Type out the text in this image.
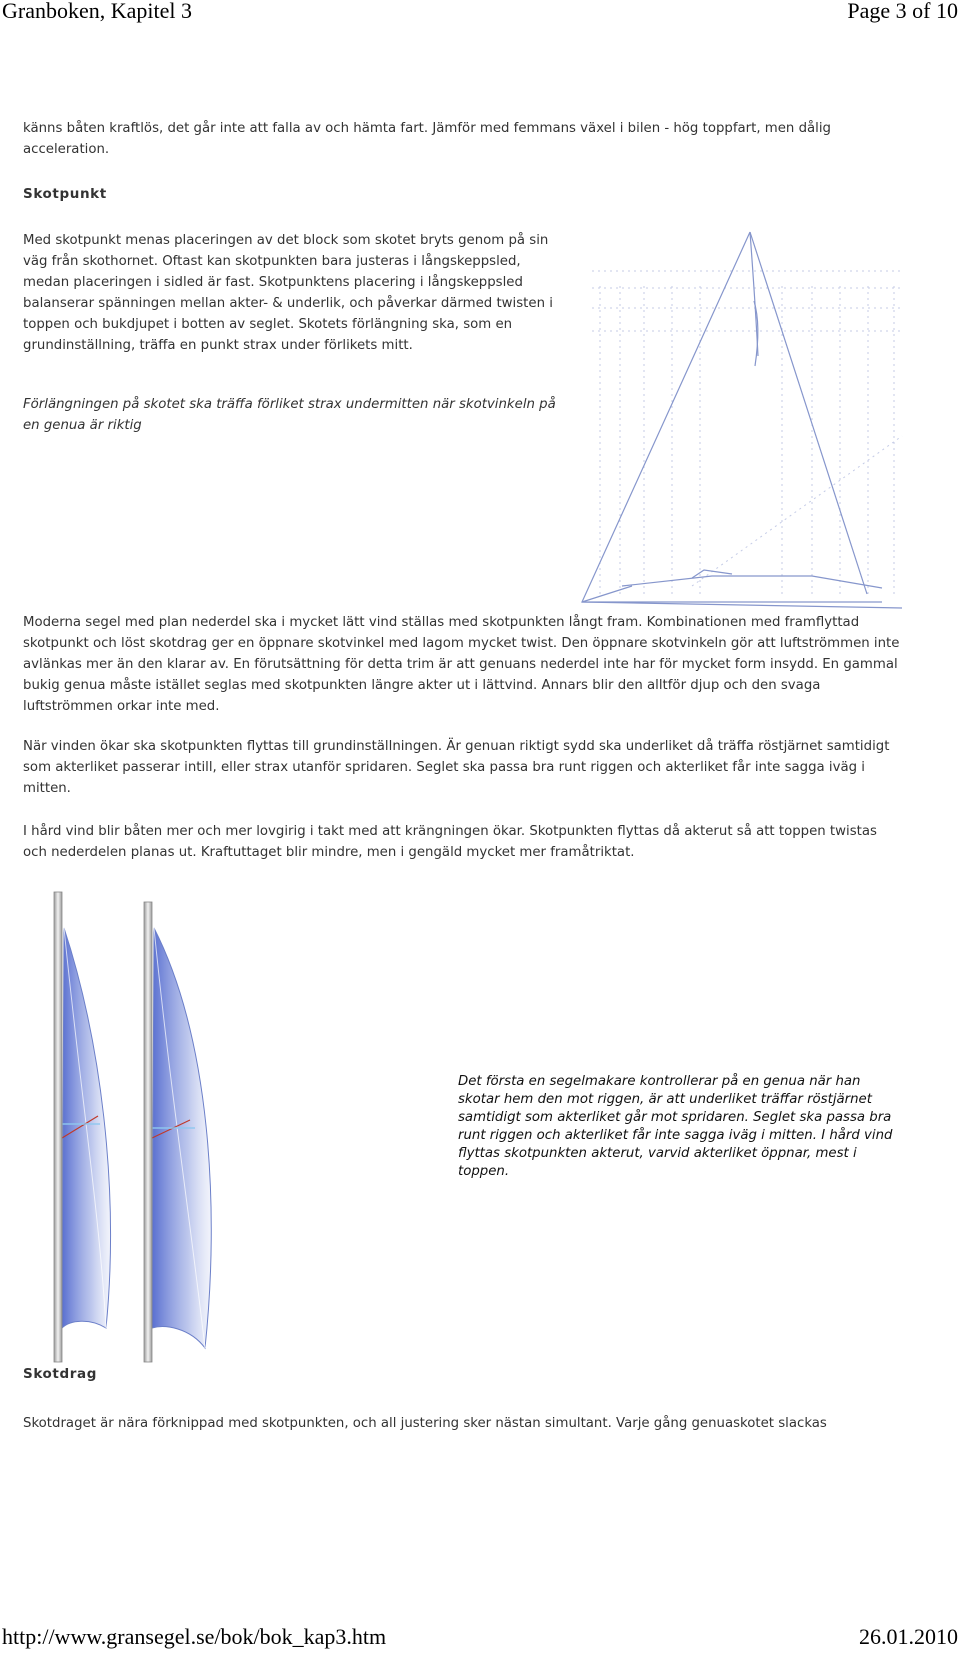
Granboken, Kapitel 3	Page 3 of 10

känns båten kraftlös, det går inte att falla av och hämta fart. Jämför med femmans växel i bilen - hög toppfart, men dålig acceleration.

Skotpunkt

Med skotpunkt menas placeringen av det block som skotet bryts genom på sin väg från skothornet. Oftast kan skotpunkten bara justeras i långskeppsled, medan placeringen i sidled är fast. Skotpunktens placering i långskeppsled balanserar spänningen mellan akter- & underlik, och påverkar därmed twisten i toppen och bukdjupet i botten av seglet. Skotets förlängning ska, som en grundinställning, träffa en punkt strax under förlikets mitt.

Förlängningen på skotet ska träffa förliket strax undermitten när skotvinkeln på en genua är riktig

Moderna segel med plan nederdel ska i mycket lätt vind ställas med skotpunkten långt fram. Kombinationen med framflyttad skotpunkt och löst skotdrag ger en öppnare skotvinkel med lagom mycket twist. Den öppnare skotvinkeln gör att luftströmmen inte avlänkas mer än den klarar av. En förutsättning för detta trim är att genuans nederdel inte har för mycket form insydd. En gammal bukig genua måste istället seglas med skotpunkten längre akter ut i lättvind. Annars blir den alltför djup och den svaga luftströmmen orkar inte med.

När vinden ökar ska skotpunkten flyttas till grundinställningen. Är genuan riktigt sydd ska underliket då träffa röstjärnet samtidigt som akterliket passerar intill, eller strax utanför spridaren. Seglet ska passa bra runt riggen och akterliket får inte sagga iväg i mitten.

I hård vind blir båten mer och mer lovgirig i takt med att krängningen ökar. Skotpunkten flyttas då akterut så att toppen twistas och nederdelen planas ut. Kraftuttaget blir mindre, men i gengäld mycket mer framåtriktat.

Det första en segelmakare kontrollerar på en genua när han skotar hem den mot riggen, är att underliket träffar röstjärnet samtidigt som akterliket går mot spridaren. Seglet ska passa bra runt riggen och akterliket får inte sagga iväg i mitten. I hård vind flyttas skotpunkten akterut, varvid akterliket öppnar, mest i toppen.

Skotdrag

Skotdraget är nära förknippad med skotpunkten, och all justering sker nästan simultant. Varje gång genuaskotet slackas

http://www.gransegel.se/bok/bok_kap3.htm	26.01.2010
